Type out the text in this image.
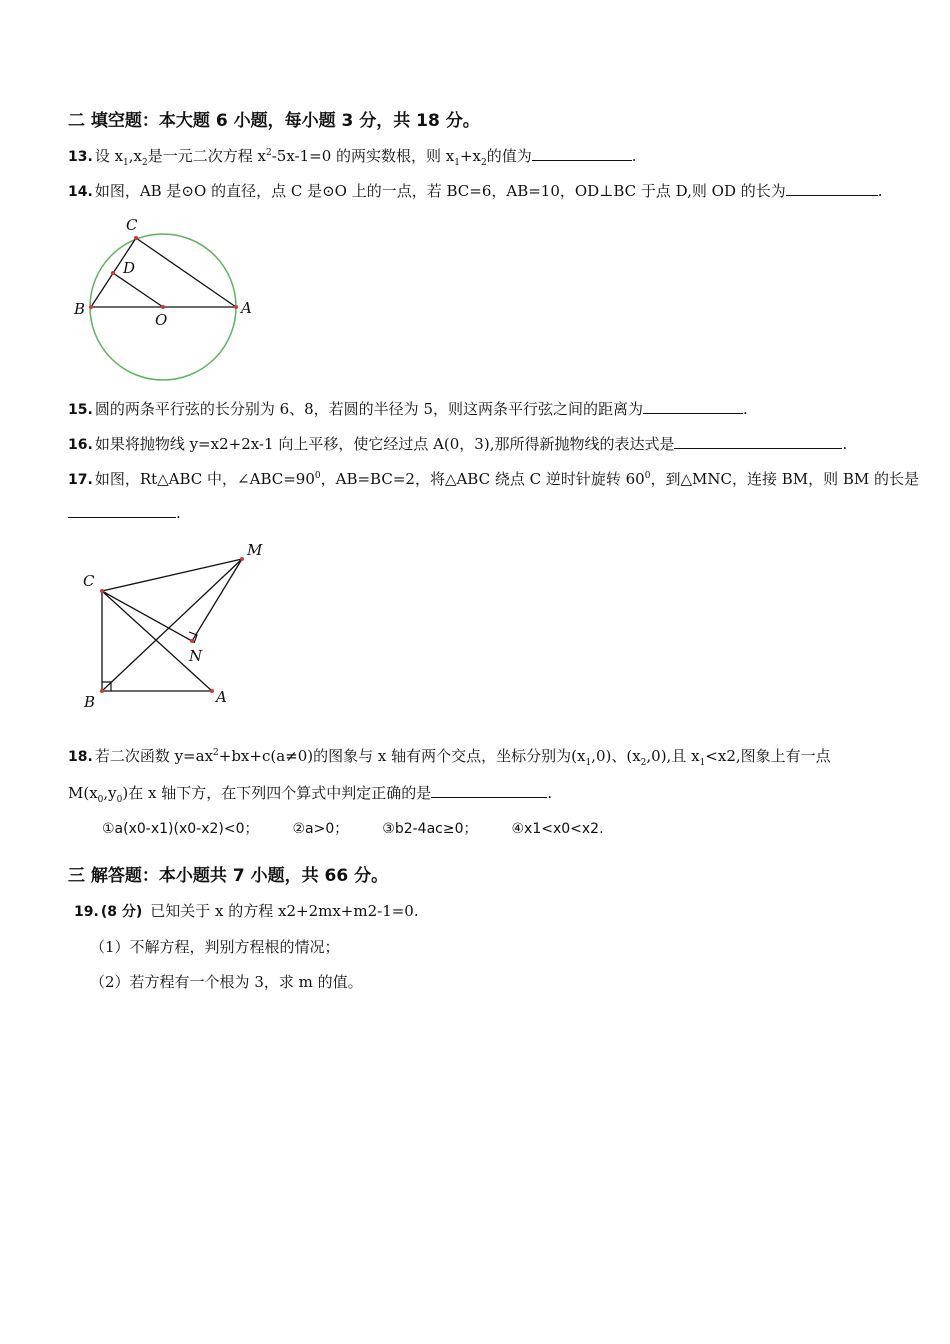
二 填空题：本大题 6 小题，每小题 3 分，共 18 分。
13. 设 $x_1,x_2$是一元二次方程 $x^2-5x-1=0$ 的两实数根，则 $x_1+x_2$的值为	.
14. 如图，AB 是⊙O 的直径，点 C 是⊙O 上的一点，若 BC=6，AB=10，OD⊥BC 于点 D,则 OD 的长为	.
C
D
B
O
A
15. 圆的两条平行弦的长分别为 6、8，若圆的半径为 5，则这两条平行弦之间的距离为	.
16. 如果将抛物线 y=x2+2x-1 向上平移，使它经过点 A(0，3),那所得新抛物线的表达式是	.
17. 如图，Rt△ABC 中，$\angle ABC=90^0$，AB=BC=2，将△ABC 绕点 C 逆时针旋转 $60^0$，到△MNC，连接 BM，则 BM 的长是
.
M
C
N
B	A
18. 若二次函数 $y=ax^2+bx+c(a\ne 0)$的图象与 x 轴有两个交点，坐标分别为$(x_1,0)$、$(x_2,0)$,且 $x_1<x2$,图象上有一点
$M(x_0,y_0)$在 x 轴下方，在下列四个算式中判定正确的是	.
①a(x0-x1)(x0-x2)<0； ②a>0； ③b2-4ac≥0； ④x1<x0<x2.
三 解答题：本小题共 7 小题，共 66 分。
19. (8 分) 已知关于 x 的方程 x2+2mx+m2-1=0.
（1）不解方程，判别方程根的情况；
（2）若方程有一个根为 3，求 m 的值。
